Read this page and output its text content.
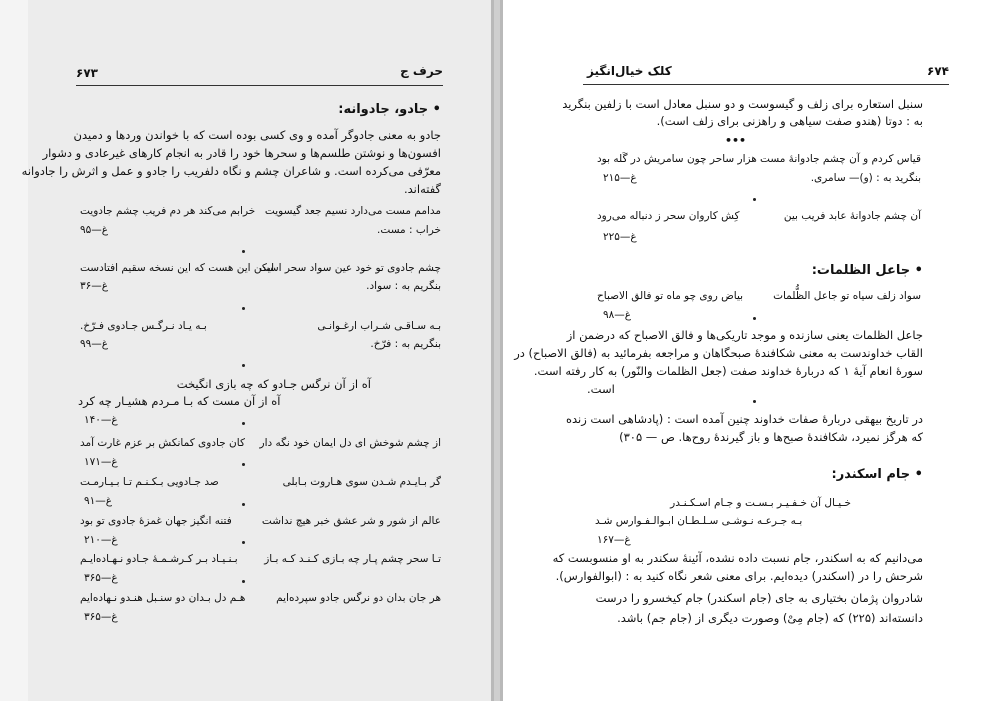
۶۷۳	حرف ج
• جادو، جادوانه:
جادو به معنی جادوگر آمده و وی کسی بوده است که با خواندن وردها و دمیدن
افسون‌ها و نوشتن طلسم‌ها و سحرها خود را قادر به انجام کارهای غیرعادی و دشوار
معرّفی می‌کرده است. و شاعران چشم و نگاه دلفریب را جادو و عمل و اثرش را جادوانه
گفته‌اند.
مدامم مست می‌دارد نسیم جعد گیسویت
خرابم می‌کند هر دم فریب چشم جادویت
خراب : مست.
غ—۹۵
چشم جادوی تو خود عین سواد سحر است
لیکن این هست که این نسخه سقیم افتادست
بنگریم به : سواد.
غ—۳۶
بـه سـاقـی شـراب ارغـوانـی
بـه یـاد نـرگـس جـادوی فـرّخ.
بنگریم به : فرّخ.
غ—۹۹
آه از آن نرگس جـادو که چه بازی انگیخت
آه از آن مست که بـا مـردم هشیـار چه کرد
غ—۱۴۰
از چشم شوخش ای دل ایمان خود نگه دار
کان جادوی کمانکش بر عزم غارت آمد
غ—۱۷۱
گر بـایـدم شـدن سوی هـاروت بـابلی
صد جـادویی بـکـنـم تـا بـیـارمـت
غ—۹۱
عالم از شور و شر عشق خبر هیچ نداشت
فتنه انگیز جهان غمزهٔ جادوی تو بود
غ—۲۱۰
تـا سحر چشم پـار چه بـازی کـنـد کـه بـاز
بـنـیـاد بـر کـرشـمـهٔ جـادو نـهـاده‌ایـم
غ—۳۶۵
هر جان بدان دو نرگس جادو سپرده‌ایم
هـم دل بـدان دو سنـبل هنـدو نـهاده‌ایم
غ—۳۶۵
۶۷۴
کلک خیال‌انگیز
سنبل استعاره برای زلف و گیسوست و دو سنبل معادل است با زلفین بنگرید
به : دوتا (هندو صفت سیاهی و راهزنی برای زلف است).
•••
قیاس کردم و آن چشم جادوانهٔ مست
هزار ساحر چون سامریش در گَله بود
بنگرید به : (و)— سامری.
غ—۲۱۵
آن چشم جادوانهٔ عابد فریب بین
کِش کاروان سحر ز دنباله می‌رود
غ—۲۲۵
• جاعل الظلمات:
سواد زلف سیاه تو جاعل الظُّلمات
بیاض روی چو ماه تو فالق الاصباح
غ—۹۸
جاعل الظلمات یعنی سازنده و موجد تاریکی‌ها و فالق الاصباح که درضمن از
القاب خداوندست به معنی شکافندهٔ صبحگاهان و مراجعه بفرمائید به (فالق الاصباح) در
سورهٔ انعام آیهٔ ۱ که دربارهٔ خداوند صفت (جعل الظلمات والنّور) به کار رفته است.
است.
در تاریخ بیهقی دربارهٔ صفات خداوند چنین آمده است : (پادشاهی است زنده
که هرگز نمیرد، شکافندهٔ صبح‌ها و باز گیرندهٔ روح‌ها. ص — ۳۰۵)
• جام اسکندر:
خـیـال آن خـفـیـر بـسـت و جـام اسـکـنـدر
بـه جـرعـه نـوشـی سـلـطـان ابـوالـفـوارس شـد
غ—۱۶۷
می‌دانیم که به اسکندر، جام نسبت داده نشده، آئینهٔ سکندر به او منسوبست که
شرحش را در (اسکندر) دیده‌ایم. برای معنی شعر نگاه کنید به : (ابوالفوارس).
شادروان پژمان بختیاری به جای (جام اسکندر) جام کیخسرو را درست
دانسته‌اند (۲۲۵) که (جام مِیْ) وصورت دیگری از (جام جم) باشد.
